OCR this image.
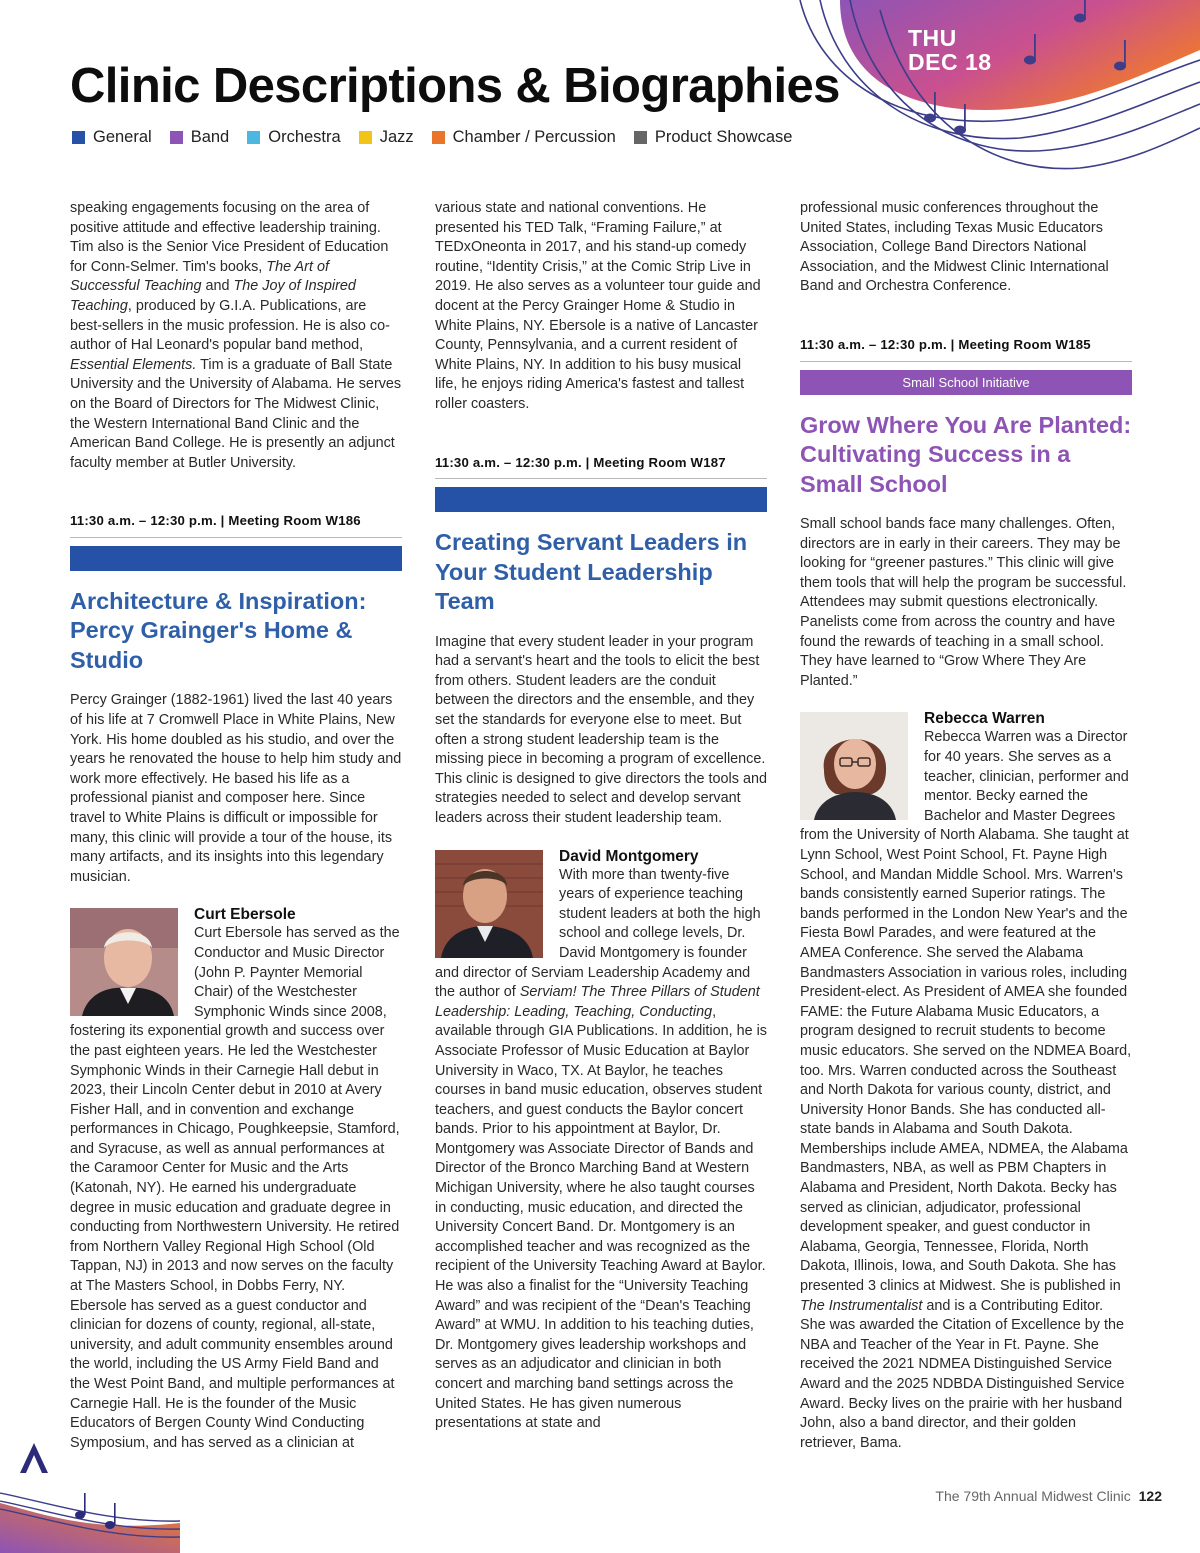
THU
DEC 18
Clinic Descriptions & Biographies
General Band Orchestra Jazz Chamber / Percussion Product Showcase

speaking engagements focusing on the area of positive attitude and effective leadership training. Tim also is the Senior Vice President of Education for Conn-Selmer. Tim's books, The Art of Successful Teaching and The Joy of Inspired Teaching, produced by G.I.A. Publications, are best-sellers in the music profession. He is also co-author of Hal Leonard's popular band method, Essential Elements. Tim is a graduate of Ball State University and the University of Alabama. He serves on the Board of Directors for The Midwest Clinic, the Western International Band Clinic and the American Band College. He is presently an adjunct faculty member at Butler University.

11:30 a.m. – 12:30 p.m. | Meeting Room W186
Architecture & Inspiration: Percy Grainger's Home & Studio

Percy Grainger (1882-1961) lived the last 40 years of his life at 7 Cromwell Place in White Plains, New York. His home doubled as his studio, and over the years he renovated the house to help him study and work more effectively. He based his life as a professional pianist and composer here. Since travel to White Plains is difficult or impossible for many, this clinic will provide a tour of the house, its many artifacts, and its insights into this legendary musician.

Curt Ebersole

Curt Ebersole has served as the Conductor and Music Director (John P. Paynter Memorial Chair) of the Westchester Symphonic Winds since 2008, fostering its exponential growth and success over the past eighteen years. He led the Westchester Symphonic Winds in their Carnegie Hall debut in 2023, their Lincoln Center debut in 2010 at Avery Fisher Hall, and in convention and exchange performances in Chicago, Poughkeepsie, Stamford, and Syracuse, as well as annual performances at the Caramoor Center for Music and the Arts (Katonah, NY). He earned his undergraduate degree in music education and graduate degree in conducting from Northwestern University. He retired from Northern Valley Regional High School (Old Tappan, NJ) in 2013 and now serves on the faculty at The Masters School, in Dobbs Ferry, NY. Ebersole has served as a guest conductor and clinician for dozens of county, regional, all-state, university, and adult community ensembles around the world, including the US Army Field Band and the West Point Band, and multiple performances at Carnegie Hall. He is the founder of the Music Educators of Bergen County Wind Conducting Symposium, and has served as a clinician at

various state and national conventions. He presented his TED Talk, “Framing Failure,” at TEDxOneonta in 2017, and his stand-up comedy routine, “Identity Crisis,” at the Comic Strip Live in 2019. He also serves as a volunteer tour guide and docent at the Percy Grainger Home & Studio in White Plains, NY. Ebersole is a native of Lancaster County, Pennsylvania, and a current resident of White Plains, NY. In addition to his busy musical life, he enjoys riding America's fastest and tallest roller coasters.

11:30 a.m. – 12:30 p.m. | Meeting Room W187
Creating Servant Leaders in Your Student Leadership Team

Imagine that every student leader in your program had a servant's heart and the tools to elicit the best from others. Student leaders are the conduit between the directors and the ensemble, and they set the standards for everyone else to meet. But often a strong student leadership team is the missing piece in becoming a program of excellence. This clinic is designed to give directors the tools and strategies needed to select and develop servant leaders across their student leadership team.

David Montgomery

With more than twenty-five years of experience teaching student leaders at both the high school and college levels, Dr. David Montgomery is founder and director of Serviam Leadership Academy and the author of Serviam! The Three Pillars of Student Leadership: Leading, Teaching, Conducting, available through GIA Publications. In addition, he is Associate Professor of Music Education at Baylor University in Waco, TX. At Baylor, he teaches courses in band music education, observes student teachers, and guest conducts the Baylor concert bands. Prior to his appointment at Baylor, Dr. Montgomery was Associate Director of Bands and Director of the Bronco Marching Band at Western Michigan University, where he also taught courses in conducting, music education, and directed the University Concert Band. Dr. Montgomery is an accomplished teacher and was recognized as the recipient of the University Teaching Award at Baylor. He was also a finalist for the “University Teaching Award” and was recipient of the “Dean's Teaching Award” at WMU. In addition to his teaching duties, Dr. Montgomery gives leadership workshops and serves as an adjudicator and clinician in both concert and marching band settings across the United States. He has given numerous presentations at state and

professional music conferences throughout the United States, including Texas Music Educators Association, College Band Directors National Association, and the Midwest Clinic International Band and Orchestra Conference.

11:30 a.m. – 12:30 p.m. | Meeting Room W185
Small School Initiative
Grow Where You Are Planted: Cultivating Success in a Small School

Small school bands face many challenges. Often, directors are in early in their careers. They may be looking for “greener pastures.” This clinic will give them tools that will help the program be successful. Attendees may submit questions electronically. Panelists come from across the country and have found the rewards of teaching in a small school. They have learned to “Grow Where They Are Planted.”

Rebecca Warren

Rebecca Warren was a Director for 40 years. She serves as a teacher, clinician, performer and mentor. Becky earned the Bachelor and Master Degrees from the University of North Alabama. She taught at Lynn School, West Point School, Ft. Payne High School, and Mandan Middle School. Mrs. Warren's bands consistently earned Superior ratings. The bands performed in the London New Year's and the Fiesta Bowl Parades, and were featured at the AMEA Conference. She served the Alabama Bandmasters Association in various roles, including President-elect. As President of AMEA she founded FAME: the Future Alabama Music Educators, a program designed to recruit students to become music educators. She served on the NDMEA Board, too. Mrs. Warren conducted across the Southeast and North Dakota for various county, district, and University Honor Bands. She has conducted all-state bands in Alabama and South Dakota. Memberships include AMEA, NDMEA, the Alabama Bandmasters, NBA, as well as PBM Chapters in Alabama and President, North Dakota. Becky has served as clinician, adjudicator, professional development speaker, and guest conductor in Alabama, Georgia, Tennessee, Florida, North Dakota, Illinois, Iowa, and South Dakota. She has presented 3 clinics at Midwest. She is published in The Instrumentalist and is a Contributing Editor. She was awarded the Citation of Excellence by the NBA and Teacher of the Year in Ft. Payne. She received the 2021 NDMEA Distinguished Service Award and the 2025 NDBDA Distinguished Service Award. Becky lives on the prairie with her husband John, also a band director, and their golden retriever, Bama.

The 79th Annual Midwest Clinic 122
